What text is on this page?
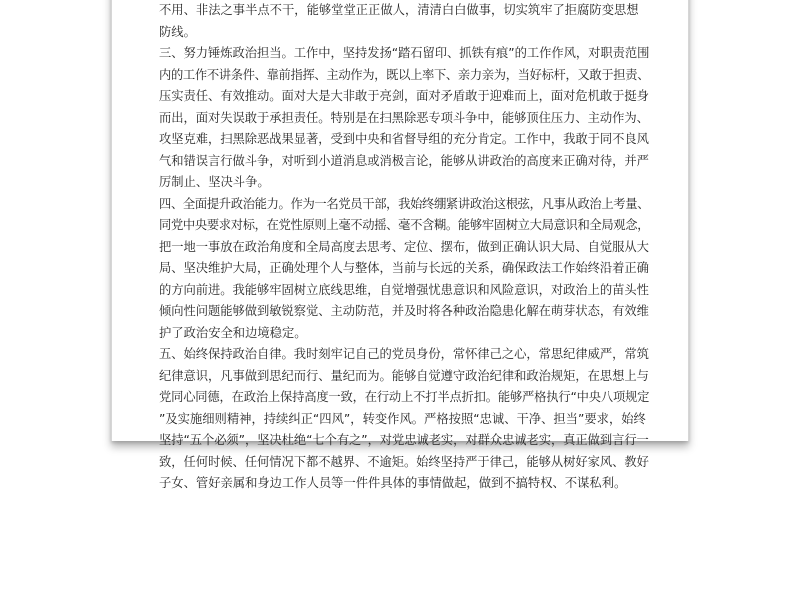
不用、非法之事半点不干，能够堂堂正正做人，清清白白做事，切实筑牢了拒腐防变思想
防线。
三、努力锤炼政治担当。工作中，坚持发扬“踏石留印、抓铁有痕”的工作作风，对职责范围
内的工作不讲条件、靠前指挥、主动作为，既以上率下、亲力亲为，当好标杆，又敢于担责、
压实责任、有效推动。面对大是大非敢于亮剑，面对矛盾敢于迎难而上，面对危机敢于挺身
而出，面对失误敢于承担责任。特别是在扫黑除恶专项斗争中，能够顶住压力、主动作为、
攻坚克难，扫黑除恶战果显著，受到中央和省督导组的充分肯定。工作中，我敢于同不良风
气和错误言行做斗争，对听到小道消息或消极言论，能够从讲政治的高度来正确对待，并严
厉制止、坚决斗争。
四、全面提升政治能力。作为一名党员干部，我始终绷紧讲政治这根弦，凡事从政治上考量、
同党中央要求对标，在党性原则上毫不动摇、毫不含糊。能够牢固树立大局意识和全局观念，
把一地一事放在政治角度和全局高度去思考、定位、摆布，做到正确认识大局、自觉服从大
局、坚决维护大局，正确处理个人与整体，当前与长远的关系，确保政法工作始终沿着正确
的方向前进。我能够牢固树立底线思维，自觉增强忧患意识和风险意识，对政治上的苗头性
倾向性问题能够做到敏锐察觉、主动防范，并及时将各种政治隐患化解在萌芽状态，有效维
护了政治安全和边境稳定。
五、始终保持政治自律。我时刻牢记自己的党员身份，常怀律己之心，常思纪律威严，常筑
纪律意识，凡事做到思纪而行、量纪而为。能够自觉遵守政治纪律和政治规矩，在思想上与
党同心同德，在政治上保持高度一致，在行动上不打半点折扣。能够严格执行“中央八项规定
”及实施细则精神，持续纠正“四风”，转变作风。严格按照“忠诚、干净、担当”要求，始终
坚持“五个必须”，坚决杜绝“七个有之”，对党忠诚老实，对群众忠诚老实，真正做到言行一
致，任何时候、任何情况下都不越界、不逾矩。始终坚持严于律己，能够从树好家风、教好
子女、管好亲属和身边工作人员等一件件具体的事情做起，做到不搞特权、不谋私利。
